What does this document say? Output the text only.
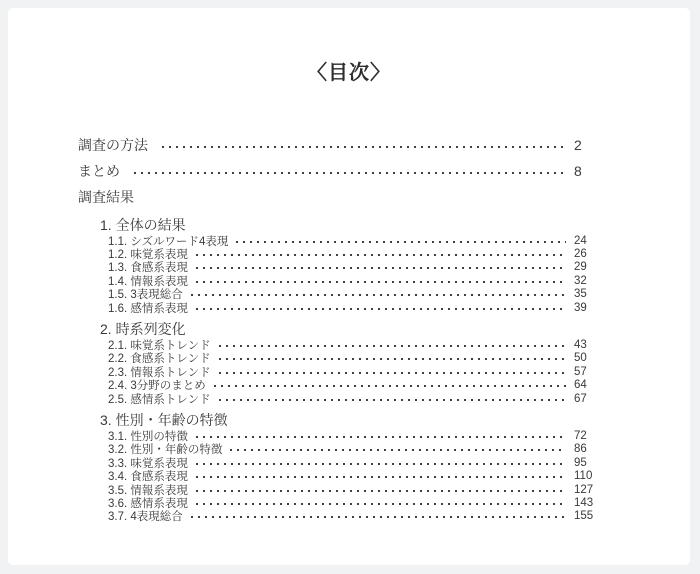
〈目次〉
調査の方法	2
まとめ	8
調査結果
1. 全体の結果
1.1. シズルワード4表現	24
1.2. 味覚系表現	26
1.3. 食感系表現	29
1.4. 情報系表現	32
1.5. 3表現総合	35
1.6. 感情系表現	39
2. 時系列変化
2.1. 味覚系トレンド	43
2.2. 食感系トレンド	50
2.3. 情報系トレンド	57
2.4. 3分野のまとめ	64
2.5. 感情系トレンド	67
3. 性別・年齢の特徴
3.1. 性別の特徴	72
3.2. 性別・年齢の特徴	86
3.3. 味覚系表現	95
3.4. 食感系表現	110
3.5. 情報系表現	127
3.6. 感情系表現	143
3.7. 4表現総合	155
